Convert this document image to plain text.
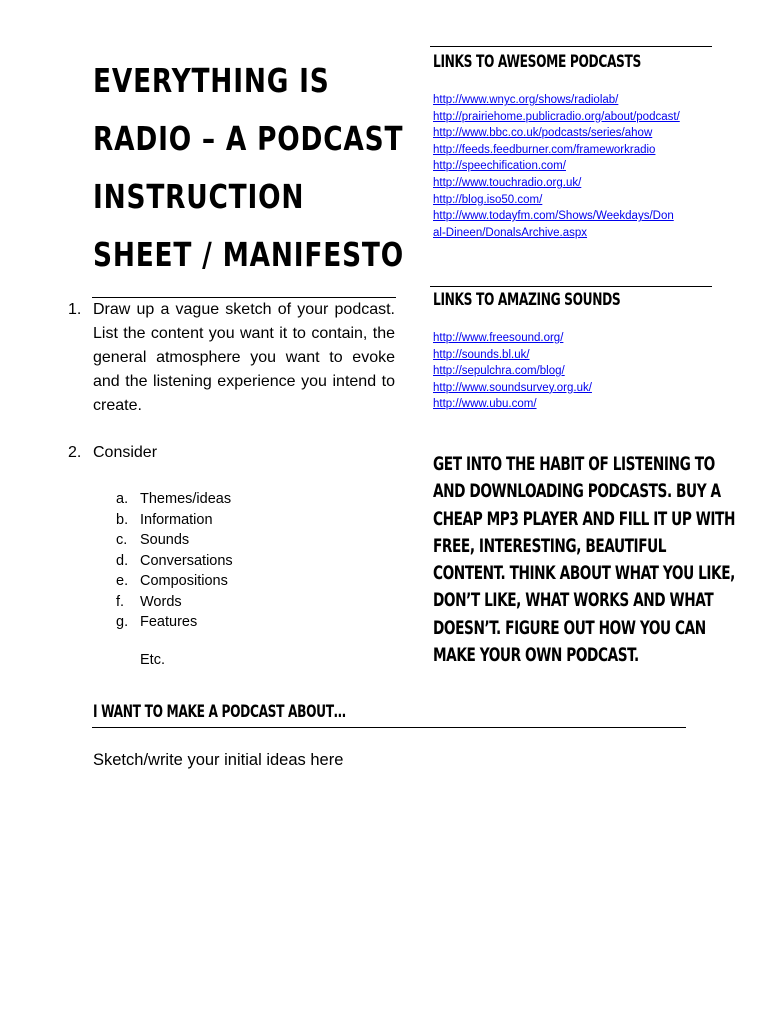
EVERYTHING IS
RADIO – A PODCAST
INSTRUCTION
SHEET / MANIFESTO
LINKS TO AWESOME PODCASTS
http://www.wnyc.org/shows/radiolab/
http://prairiehome.publicradio.org/about/podcast/
http://www.bbc.co.uk/podcasts/series/ahow
http://feeds.feedburner.com/frameworkradio
http://speechification.com/
http://www.touchradio.org.uk/
http://blog.iso50.com/
http://www.todayfm.com/Shows/Weekdays/Don
al-Dineen/DonalsArchive.aspx
LINKS TO AMAZING SOUNDS
http://www.freesound.org/
http://sounds.bl.uk/
http://sepulchra.com/blog/
http://www.soundsurvey.org.uk/
http://www.ubu.com/
GET INTO THE HABIT OF LISTENING TO
AND DOWNLOADING PODCASTS. BUY A
CHEAP MP3 PLAYER AND FILL IT UP WITH
FREE, INTERESTING, BEAUTIFUL
CONTENT. THINK ABOUT WHAT YOU LIKE,
DON’T LIKE, WHAT WORKS AND WHAT
DOESN’T. FIGURE OUT HOW YOU CAN
MAKE YOUR OWN PODCAST.
1. Draw up a vague sketch of your podcast. List the content you want it to contain, the general atmosphere you want to evoke and the listening experience you intend to create.
2. Consider
a. Themes/ideas
b. Information
c. Sounds
d. Conversations
e. Compositions
f. Words
g. Features
Etc.
I WANT TO MAKE A PODCAST ABOUT…
Sketch/write your initial ideas here
